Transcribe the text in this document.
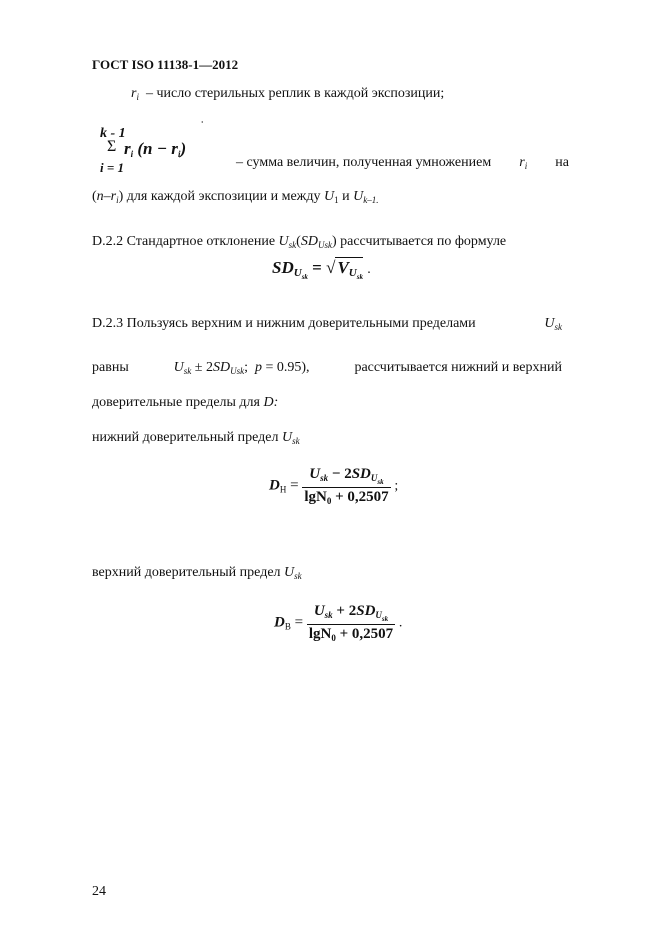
ГОСТ ISO 11138-1—2012
$r_i$ – число стерильных реплик в каждой экспозиции;
k - 1
ˈ
Σ $r_i$ $(n - r_i)$
i = 1	– сумма величин, полученная умножением $r_i$ на
$(n-r_i)$ для каждой экспозиции и между $U_1$ и $U_{k-1.}$
D.2.2 Стандартное отклонение $U_{sk}(SD_{Usk})$ рассчитывается по формуле
$SD_{U_{sk}}$ = √ $V_{U_{sk}}$ .
D.2.3 Пользуясь верхним и нижним доверительными пределами	$U_{sk}$
равны	$U_{sk} \pm 2SD_{Usk}$; p = 0.95),	рассчитывается нижний и верхний
доверительные пределы для D:
нижний доверительный предел $U_{sk}$
$D_Н = \frac{U_{sk} - 2SD_{U_{sk}}}{\lg N_0 + 0,2507}$ ;
верхний доверительный предел $U_{sk}$
$D_В = \frac{U_{sk} + 2SD_{U_{sk}}}{\lg N_0 + 0,2507}$ .
24
